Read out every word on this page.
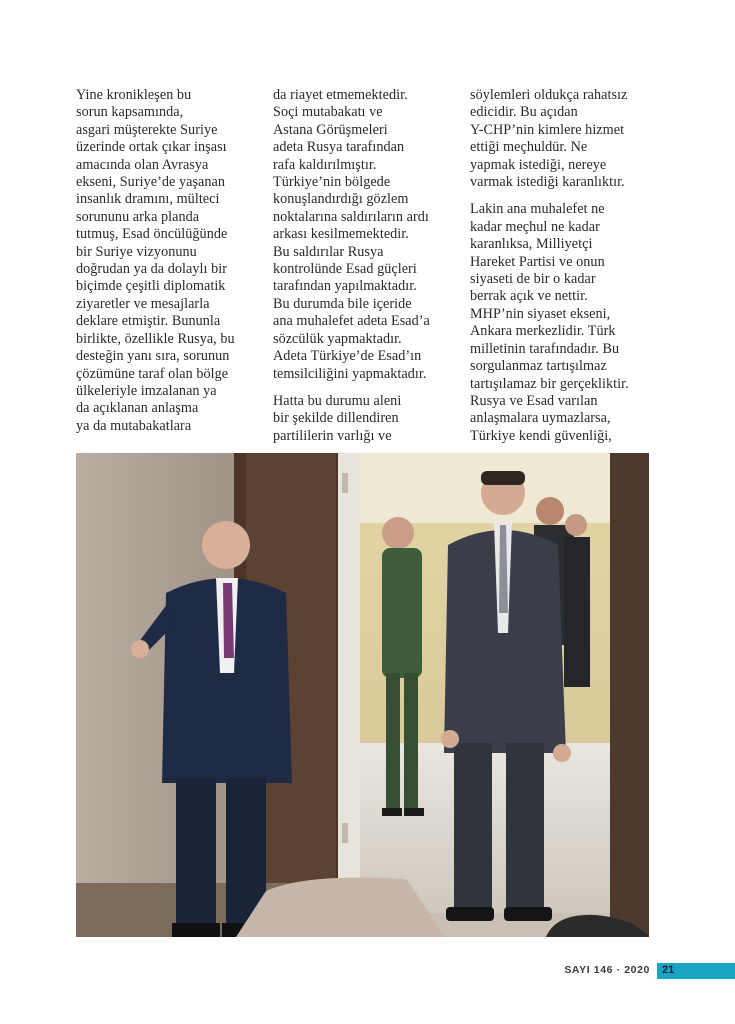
Yine kronikleşen bu
sorun kapsamında,
asgari müşterekte Suriye
üzerinde ortak çıkar inşası
amacında olan Avrasya
ekseni, Suriye’de yaşanan
insanlık dramını, mülteci
sorununu arka planda
tutmuş, Esad öncülüğünde
bir Suriye vizyonunu
doğrudan ya da dolaylı bir
biçimde çeşitli diplomatik
ziyaretler ve mesajlarla
deklare etmiştir. Bununla
birlikte, özellikle Rusya, bu
desteğin yanı sıra, sorunun
çözümüne taraf olan bölge
ülkeleriyle imzalanan ya
da açıklanan anlaşma
ya da mutabakatlara

da riayet etmemektedir.
Soçi mutabakatı ve
Astana Görüşmeleri
adeta Rusya tarafından
rafa kaldırılmıştır.
Türkiye’nin bölgede
konuşlandırdığı gözlem
noktalarına saldırıların ardı
arkası kesilmemektedir.
Bu saldırılar Rusya
kontrolünde Esad güçleri
tarafından yapılmaktadır.
Bu durumda bile içeride
ana muhalefet adeta Esad’a
sözcülük yapmaktadır.
Adeta Türkiye’de Esad’ın
temsilciliğini yapmaktadır.

Hatta bu durumu aleni
bir şekilde dillendiren
partililerin varlığı ve

söylemleri oldukça rahatsız
edicidir. Bu açıdan
Y-CHP’nin kimlere hizmet
ettiği meçhuldür. Ne
yapmak istediği, nereye
varmak istediği karanlıktır.

Lakin ana muhalefet ne
kadar meçhul ne kadar
karanlıksa, Milliyetçi
Hareket Partisi ve onun
siyaseti de bir o kadar
berrak açık ve nettir.
MHP’nin siyaset ekseni,
Ankara merkezlidir. Türk
milletinin tarafındadır. Bu
sorgulanmaz tartışılmaz
tartışılamaz bir gerçekliktir.
Rusya ve Esad varılan
anlaşmalara uymazlarsa,
Türkiye kendi güvenliği,

SAYI 146 · 2020 21
